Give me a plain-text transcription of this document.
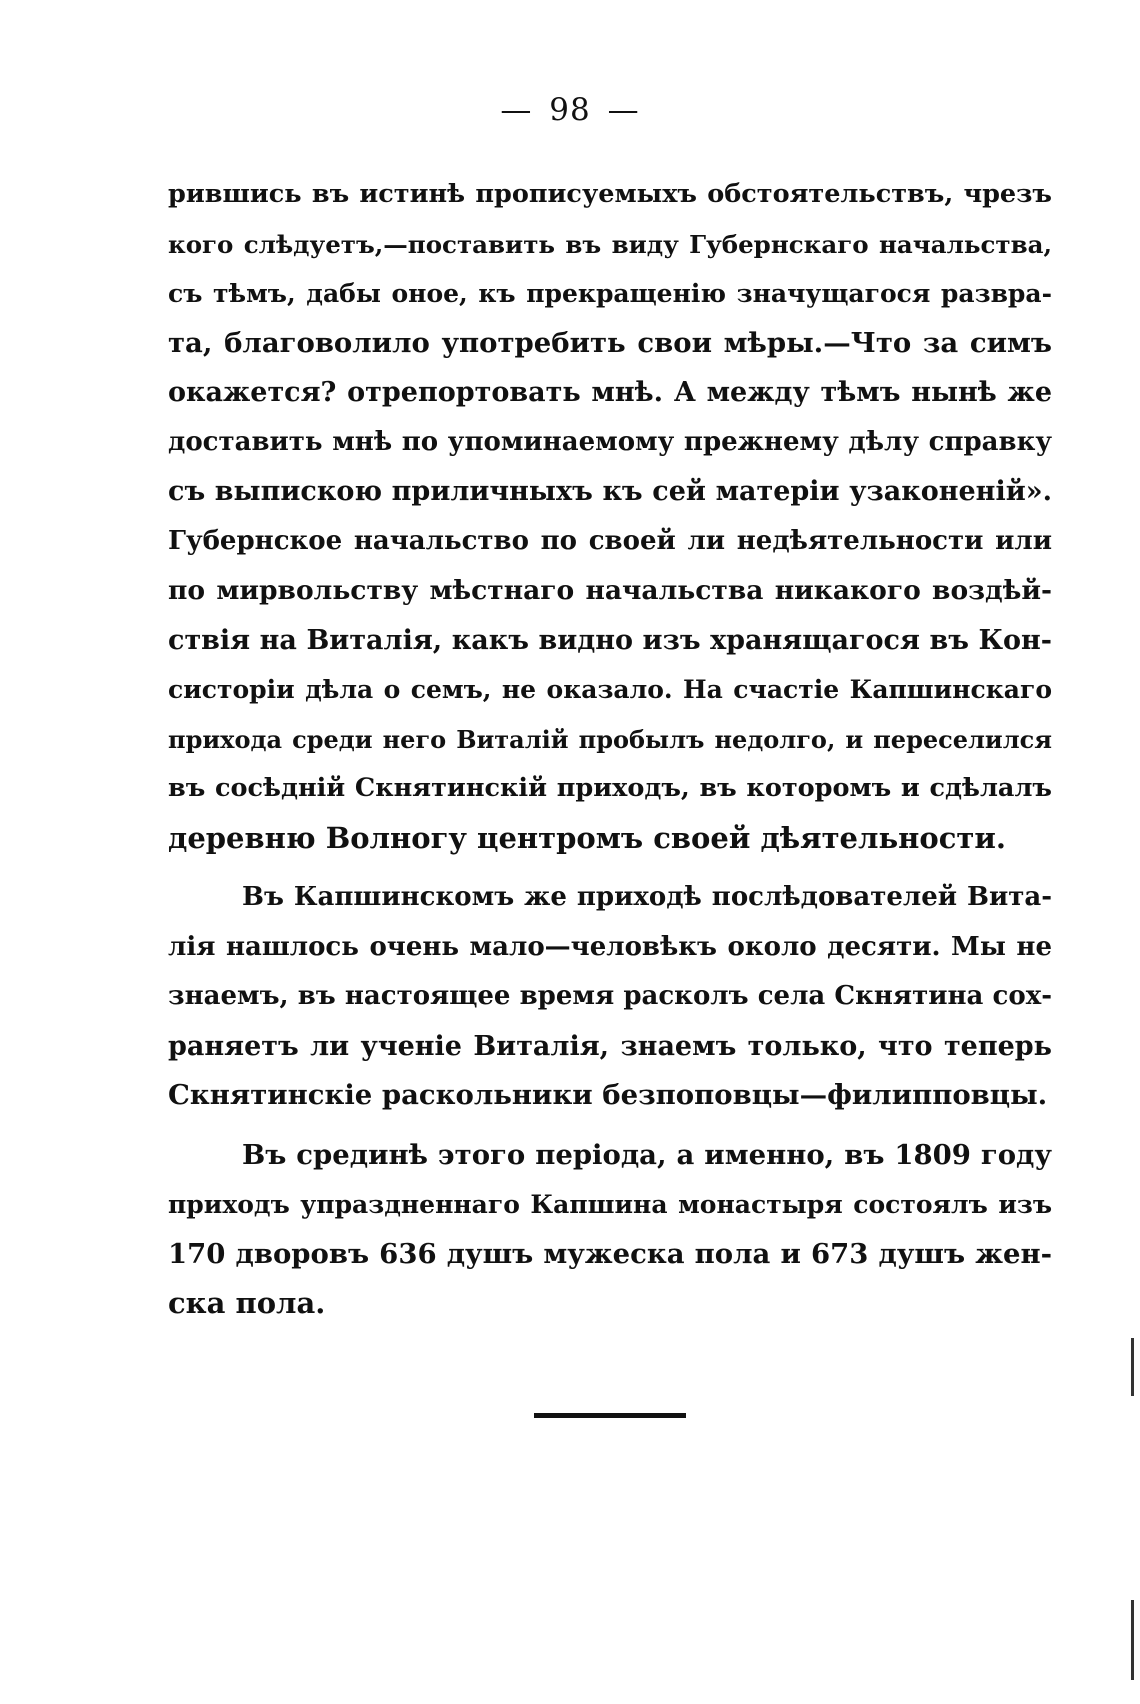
— 98 —
рившись въ истинѣ прописуемыхъ обстоятельствъ, чрезъ
кого слѣдуетъ,—поставить въ виду Губернскаго начальства,
съ тѣмъ, дабы оное, къ прекращенію значущагося развра-
та, благоволило употребить свои мѣры.—Что за симъ
окажется? отрепортовать мнѣ. А между тѣмъ нынѣ же
доставить мнѣ по упоминаемому прежнему дѣлу справку
съ выпискою приличныхъ къ сей матеріи узаконеній».
Губернское начальство по своей ли недѣятельности или
по мирвольству мѣстнаго начальства никакого воздѣй-
ствія на Виталія, какъ видно изъ хранящагося въ Кон-
систоріи дѣла о семъ, не оказало. На счастіе Капшинскаго
прихода среди него Виталій пробылъ недолго, и переселился
въ сосѣдній Скнятинскій приходъ, въ которомъ и сдѣлалъ
деревню Волногу центромъ своей дѣятельности.
Въ Капшинскомъ же приходѣ послѣдователей Вита-
лія нашлось очень мало—человѣкъ около десяти. Мы не
знаемъ, въ настоящее время расколъ села Скнятина сох-
раняетъ ли ученіе Виталія, знаемъ только, что теперь
Скнятинскіе раскольники безпоповцы—филипповцы.
Въ срединѣ этого періода, а именно, въ 1809 году
приходъ упраздненнаго Капшина монастыря состоялъ изъ
170 дворовъ 636 душъ мужеска пола и 673 душъ жен-
ска пола.
